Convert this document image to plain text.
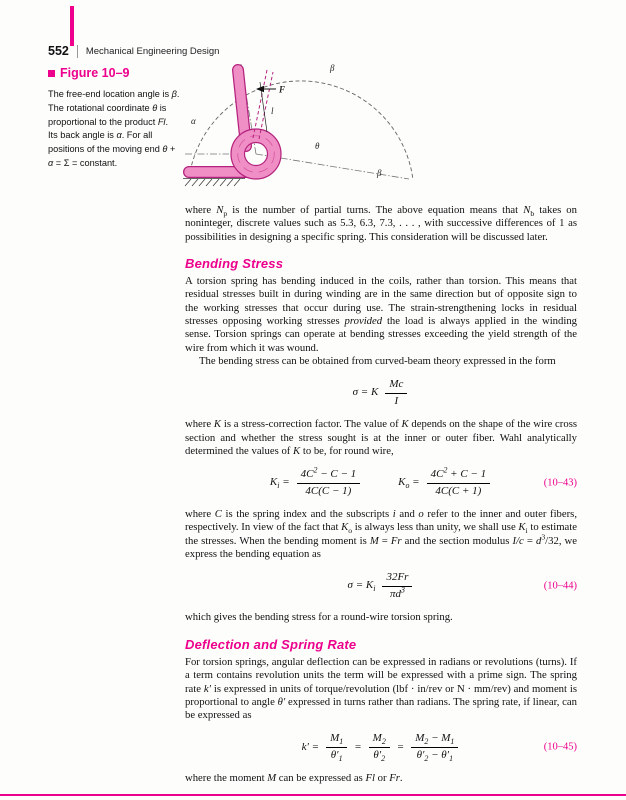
552 Mechanical Engineering Design
Figure 10–9

The free-end location angle is β. The rotational coordinate θ is proportional to the product Fl. Its back angle is α. For all positions of the moving end θ + α = Σ = constant.

β
F
l
α
θ
β

where $N_p$ is the number of partial turns. The above equation means that $N_b$ takes on noninteger, discrete values such as 5.3, 6.3, 7.3, . . . , with successive differences of 1 as possibilities in designing a specific spring. This consideration will be discussed later.

Bending Stress

A torsion spring has bending induced in the coils, rather than torsion. This means that residual stresses built in during winding are in the same direction but of opposite sign to the working stresses that occur during use. The strain-strengthening locks in residual stresses opposing working stresses provided the load is always applied in the winding sense. Torsion springs can operate at bending stresses exceeding the yield strength of the wire from which it was wound.

The bending stress can be obtained from curved-beam theory expressed in the form

σ = K $\frac{Mc}{I}$

where K is a stress-correction factor. The value of K depends on the shape of the wire cross section and whether the stress sought is at the inner or outer fiber. Wahl analytically determined the values of K to be, for round wire,

$K_i = \frac{4C^2 - C - 1}{4C(C - 1)}$	$K_o = \frac{4C^2 + C - 1}{4C(C + 1)}$	(10–43)

where C is the spring index and the subscripts i and o refer to the inner and outer fibers, respectively. In view of the fact that $K_o$ is always less than unity, we shall use $K_i$ to estimate the stresses. When the bending moment is M = Fr and the section modulus $I/c = d^3/32$, we express the bending equation as

$\sigma = K_i \frac{32Fr}{\pi d^3}$	(10–44)

which gives the bending stress for a round-wire torsion spring.

Deflection and Spring Rate

For torsion springs, angular deflection can be expressed in radians or revolutions (turns). If a term contains revolution units the term will be expressed with a prime sign. The spring rate k′ is expressed in units of torque/revolution (lbf · in/rev or N · mm/rev) and moment is proportional to angle θ′ expressed in turns rather than radians. The spring rate, if linear, can be expressed as

$k' = \frac{M_1}{\theta'_1} = \frac{M_2}{\theta'_2} = \frac{M_2 - M_1}{\theta'_2 - \theta'_1}$	(10–45)

where the moment M can be expressed as Fl or Fr.
